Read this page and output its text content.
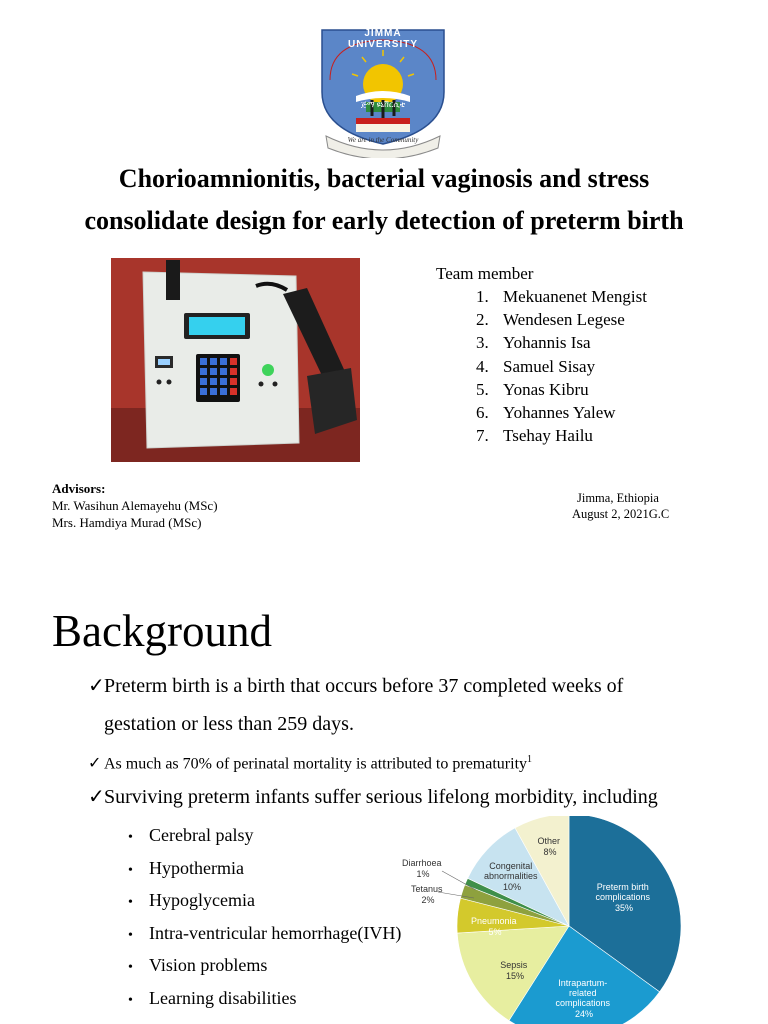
JIMMA UNIVERSITY
ጅማ ዩኒቨርሲቲ
We are in the Community
Chorioamnionitis, bacterial vaginosis and stress
consolidate design for early detection of preterm birth
Team member
1. Mekuanenet Mengist
2. Wendesen Legese
3. Yohannis Isa
4. Samuel Sisay
5. Yonas Kibru
6. Yohannes Yalew
7. Tsehay Hailu
Advisors:
Mr. Wasihun Alemayehu (MSc)
Mrs. Hamdiya Murad (MSc)
Jimma, Ethiopia
August 2, 2021G.C
Background
✓Preterm birth is a birth that occurs before 37 completed weeks of
gestation or less than 259 days.
✓ As much as 70% of perinatal mortality is attributed to prematurity$^1$
✓Surviving preterm infants suffer serious lifelong morbidity, including
• Cerebral palsy
• Hypothermia
• Hypoglycemia
• Intra-ventricular hemorrhage(IVH)
• Vision problems
• Learning disabilities
Preterm birth complications 35%
Intrapartum- related complications 24%
Sepsis 15%
Pneumonia 5%
Tetanus 2%
Diarrhoea 1%
Congenital abnormalities 10%
Other 8%
